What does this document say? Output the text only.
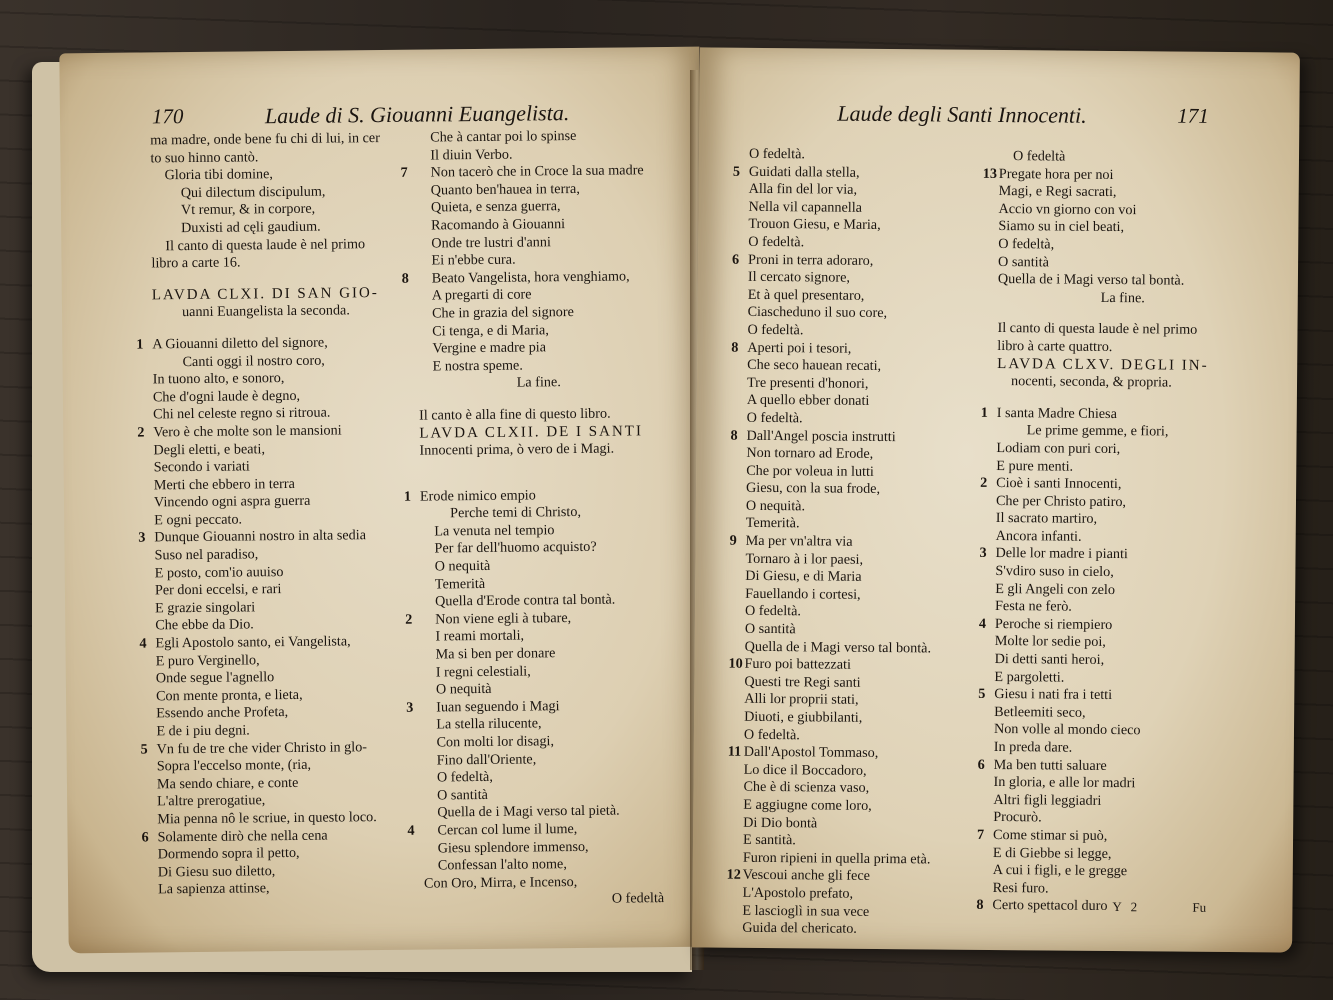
170	Laude di S. Giouanni Euangelista.
ma madre, onde bene fu chi di lui, in cer
to suo hinno cantò.
Gloria tibi domine,
Qui dilectum discipulum,
Vt remur, & in corpore,
Duxisti ad cęli gaudium.
Il canto di questa laude è nel primo
libro a carte 16.
LAVDA CLXI. DI SAN GIO-
uanni Euangelista la seconda.
1 A Giouanni diletto del signore,
Canti oggi il nostro coro,
In tuono alto, e sonoro,
Che d'ogni laude è degno,
Chi nel celeste regno si ritroua.
2 Vero è che molte son le mansioni
Degli eletti, e beati,
Secondo i variati
Merti che ebbero in terra
Vincendo ogni aspra guerra
E ogni peccato.
3 Dunque Giouanni nostro in alta sedia
Suso nel paradiso,
E posto, com'io auuiso
Per doni eccelsi, e rari
E grazie singolari
Che ebbe da Dio.
4 Egli Apostolo santo, ei Vangelista,
E puro Verginello,
Onde segue l'agnello
Con mente pronta, e lieta,
Essendo anche Profeta,
E de i piu degni.
5 Vn fu de tre che vider Christo in glo-
Sopra l'eccelso monte, (ria,
Ma sendo chiare, e conte
L'altre prerogatiue,
Mia penna nô le scriue, in questo loco.
6 Solamente dirò che nella cena
Dormendo sopra il petto,
Di Giesu suo diletto,
La sapienza attinse,
Che à cantar poi lo spinse
Il diuin Verbo.
7 Non tacerò che in Croce la sua madre
Quanto ben'hauea in terra,
Quieta, e senza guerra,
Racomando à Giouanni
Onde tre lustri d'anni
Ei n'ebbe cura.
8 Beato Vangelista, hora venghiamo,
A pregarti di core
Che in grazia del signore
Ci tenga, e di Maria,
Vergine e madre pia
E nostra speme.
La fine.
Il canto è alla fine di questo libro.
LAVDA CLXII. DE I SANTI
Innocenti prima, ò vero de i Magi.
1 Erode nimico empio
Perche temi di Christo,
La venuta nel tempio
Per far dell'huomo acquisto?
O nequità
Temerità
Quella d'Erode contra tal bontà.
2 Non viene egli à tubare,
I reami mortali,
Ma si ben per donare
I regni celestiali,
O nequità
3 Iuan seguendo i Magi
La stella rilucente,
Con molti lor disagi,
Fino dall'Oriente,
O fedeltà,
O santità
Quella de i Magi verso tal pietà.
4 Cercan col lume il lume,
Giesu splendore immenso,
Confessan l'alto nome,
Con Oro, Mirra, e Incenso,
O fedeltà
Laude degli Santi Innocenti.	171
O fedeltà.
5 Guidati dalla stella,
Alla fin del lor via,
Nella vil capannella
Trouon Giesu, e Maria,
O fedeltà.
6 Proni in terra adoraro,
Il cercato signore,
Et à quel presentaro,
Ciascheduno il suo core,
O fedeltà.
8 Aperti poi i tesori,
Che seco hauean recati,
Tre presenti d'honori,
A quello ebber donati
O fedeltà.
8 Dall'Angel poscia instrutti
Non tornaro ad Erode,
Che por voleua in lutti
Giesu, con la sua frode,
O nequità.
Temerità.
9 Ma per vn'altra via
Tornaro à i lor paesi,
Di Giesu, e di Maria
Fauellando i cortesi,
O fedeltà.
O santità
Quella de i Magi verso tal bontà.
10 Furo poi battezzati
Questi tre Regi santi
Alli lor proprii stati,
Diuoti, e giubbilanti,
O fedeltà.
11 Dall'Apostol Tommaso,
Lo dice il Boccadoro,
Che è di scienza vaso,
E aggiugne come loro,
Di Dio bontà
E santità.
Furon ripieni in quella prima età.
12 Vescoui anche gli fece
L'Apostolo prefato,
E lascioglì in sua vece
Guida del chericato.
O fedeltà
13 Pregate hora per noi
Magi, e Regi sacrati,
Accio vn giorno con voi
Siamo su in ciel beati,
O fedeltà,
O santità
Quella de i Magi verso tal bontà.
La fine.
Il canto di questa laude è nel primo
libro à carte quattro.
LAVDA CLXV. DEGLI IN-
nocenti, seconda, & propria.
1 I santa Madre Chiesa
Le prime gemme, e fiori,
Lodiam con puri cori,
E pure menti.
2 Cioè i santi Innocenti,
Che per Christo patiro,
Il sacrato martiro,
Ancora infanti.
3 Delle lor madre i pianti
S'vdiro suso in cielo,
E gli Angeli con zelo
Festa ne ferò.
4 Peroche si riempiero
Molte lor sedie poi,
Di detti santi heroi,
E pargoletti.
5 Giesu i nati fra i tetti
Betleemiti seco,
Non volle al mondo cieco
In preda dare.
6 Ma ben tutti saluare
In gloria, e alle lor madri
Altri figli leggiadri
Procurò.
7 Come stimar si può,
E di Giebbe si legge,
A cui i figli, e le gregge
Resi furo.
8 Certo spettacol duro Y 2	Fu
